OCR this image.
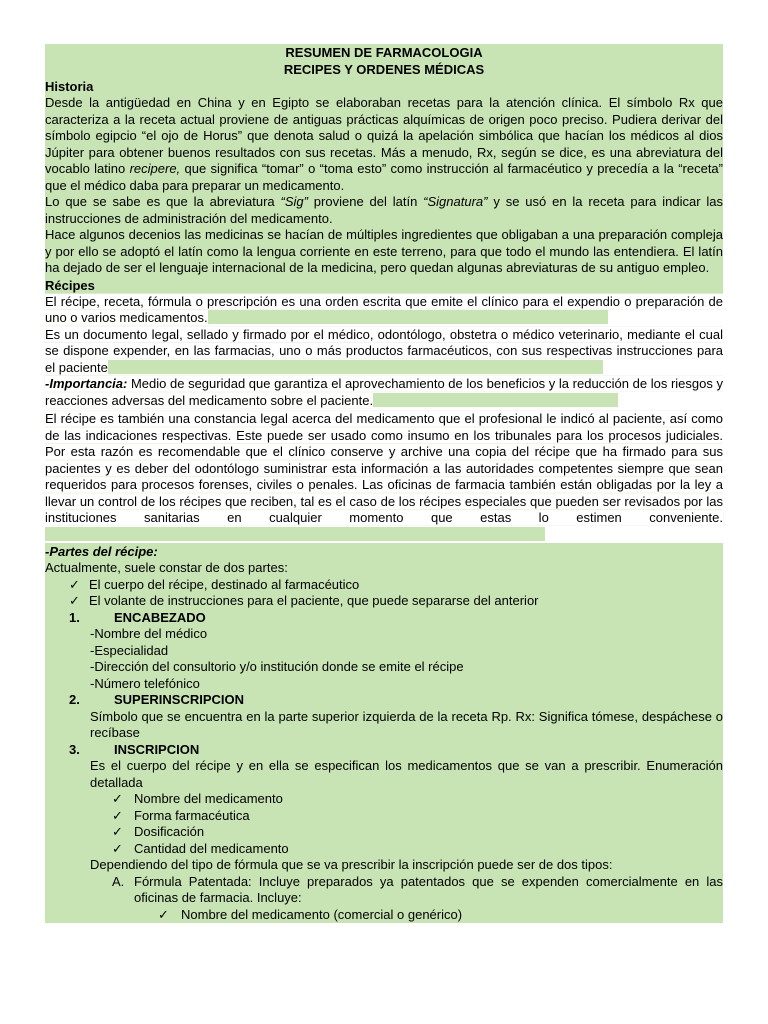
RESUMEN DE FARMACOLOGIA
RECIPES Y ORDENES MÉDICAS
Historia
Desde la antigüedad en China y en Egipto se elaboraban recetas para la atención clínica. El símbolo Rx que caracteriza a la receta actual proviene de antiguas prácticas alquímicas de origen poco preciso. Pudiera derivar del símbolo egipcio “el ojo de Horus” que denota salud o quizá la apelación simbólica que hacían los médicos al dios Júpiter para obtener buenos resultados con sus recetas. Más a menudo, Rx, según se dice, es una abreviatura del vocablo latino recipere, que significa “tomar” o “toma esto” como instrucción al farmacéutico y precedía a la “receta” que el médico daba para preparar un medicamento.
Lo que se sabe es que la abreviatura “Sig” proviene del latín “Signatura” y se usó en la receta para indicar las instrucciones de administración del medicamento.
Hace algunos decenios las medicinas se hacían de múltiples ingredientes que obligaban a una preparación compleja y por ello se adoptó el latín como la lengua corriente en este terreno, para que todo el mundo las entendiera. El latín ha dejado de ser el lenguaje internacional de la medicina, pero quedan algunas abreviaturas de su antiguo empleo.
Récipes
El récipe, receta, fórmula o prescripción es una orden escrita que emite el clínico para el expendio o preparación de uno o varios medicamentos.
Es un documento legal, sellado y firmado por el médico, odontólogo, obstetra o médico veterinario, mediante el cual se dispone expender, en las farmacias, uno o más productos farmacéuticos, con sus respectivas instrucciones para el paciente
-Importancia: Medio de seguridad que garantiza el aprovechamiento de los beneficios y la reducción de los riesgos y reacciones adversas del medicamento sobre el paciente.
El récipe es también una constancia legal acerca del medicamento que el profesional le indicó al paciente, así como de las indicaciones respectivas. Este puede ser usado como insumo en los tribunales para los procesos judiciales. Por esta razón es recomendable que el clínico conserve y archive una copia del récipe que ha firmado para sus pacientes y es deber del odontólogo suministrar esta información a las autoridades competentes siempre que sean requeridos para procesos forenses, civiles o penales. Las oficinas de farmacia también están obligadas por la ley a llevar un control de los récipes que reciben, tal es el caso de los récipes especiales que pueden ser revisados por las instituciones sanitarias en cualquier momento que estas lo estimen conveniente.
-Partes del récipe:
Actualmente, suele constar de dos partes:
✓ El cuerpo del récipe, destinado al farmacéutico
✓ El volante de instrucciones para el paciente, que puede separarse del anterior
1.	ENCABEZADO
-Nombre del médico
-Especialidad
-Dirección del consultorio y/o institución donde se emite el récipe
-Número telefónico
2.	SUPERINSCRIPCION
Símbolo que se encuentra en la parte superior izquierda de la receta Rp. Rx: Significa tómese, despáchese o recíbase
3.	INSCRIPCION
Es el cuerpo del récipe y en ella se especifican los medicamentos que se van a prescribir. Enumeración detallada
✓ Nombre del medicamento
✓ Forma farmacéutica
✓ Dosificación
✓ Cantidad del medicamento
Dependiendo del tipo de fórmula que se va prescribir la inscripción puede ser de dos tipos:
A. Fórmula Patentada: Incluye preparados ya patentados que se expenden comercialmente en las oficinas de farmacia. Incluye:
✓ Nombre del medicamento (comercial o genérico)
